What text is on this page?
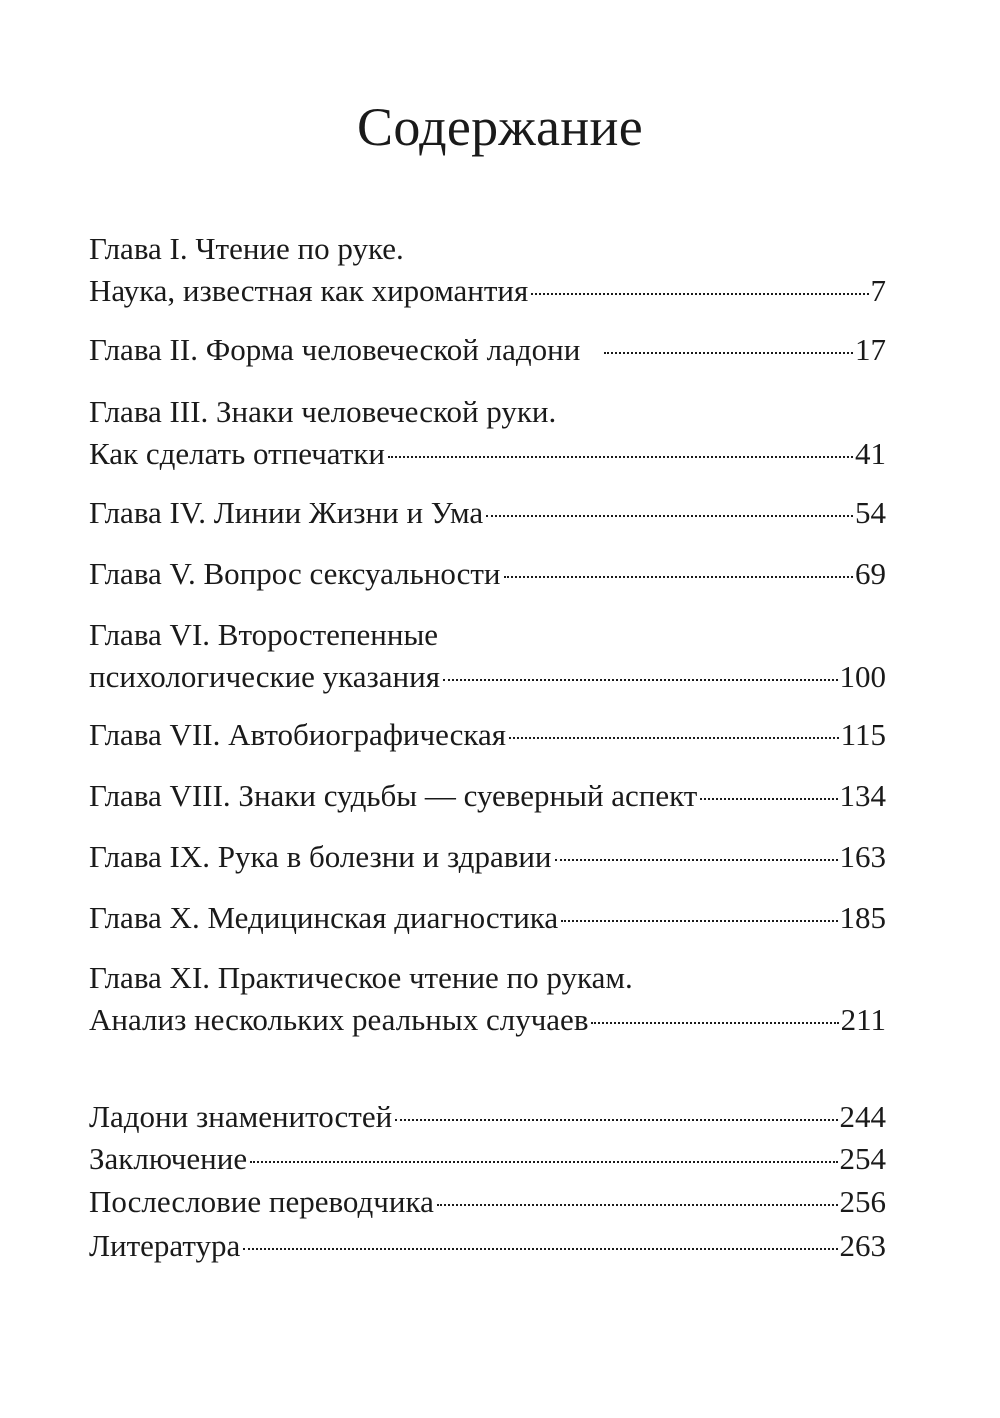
Содержание
Глава I. Чтение по руке.
Наука, известная как хиромантия	7
Глава II. Форма человеческой ладони	17
Глава III. Знаки человеческой руки.
Как сделать отпечатки	41
Глава IV. Линии Жизни и Ума	54
Глава V. Вопрос сексуальности	69
Глава VI. Второстепенные
психологические указания	100
Глава VII. Автобиографическая	115
Глава VIII. Знаки судьбы — суеверный аспект	134
Глава IX. Рука в болезни и здравии	163
Глава X. Медицинская диагностика	185
Глава XI. Практическое чтение по рукам.
Анализ нескольких реальных случаев	211
Ладони знаменитостей	244
Заключение	254
Послесловие переводчика	256
Литература	263
